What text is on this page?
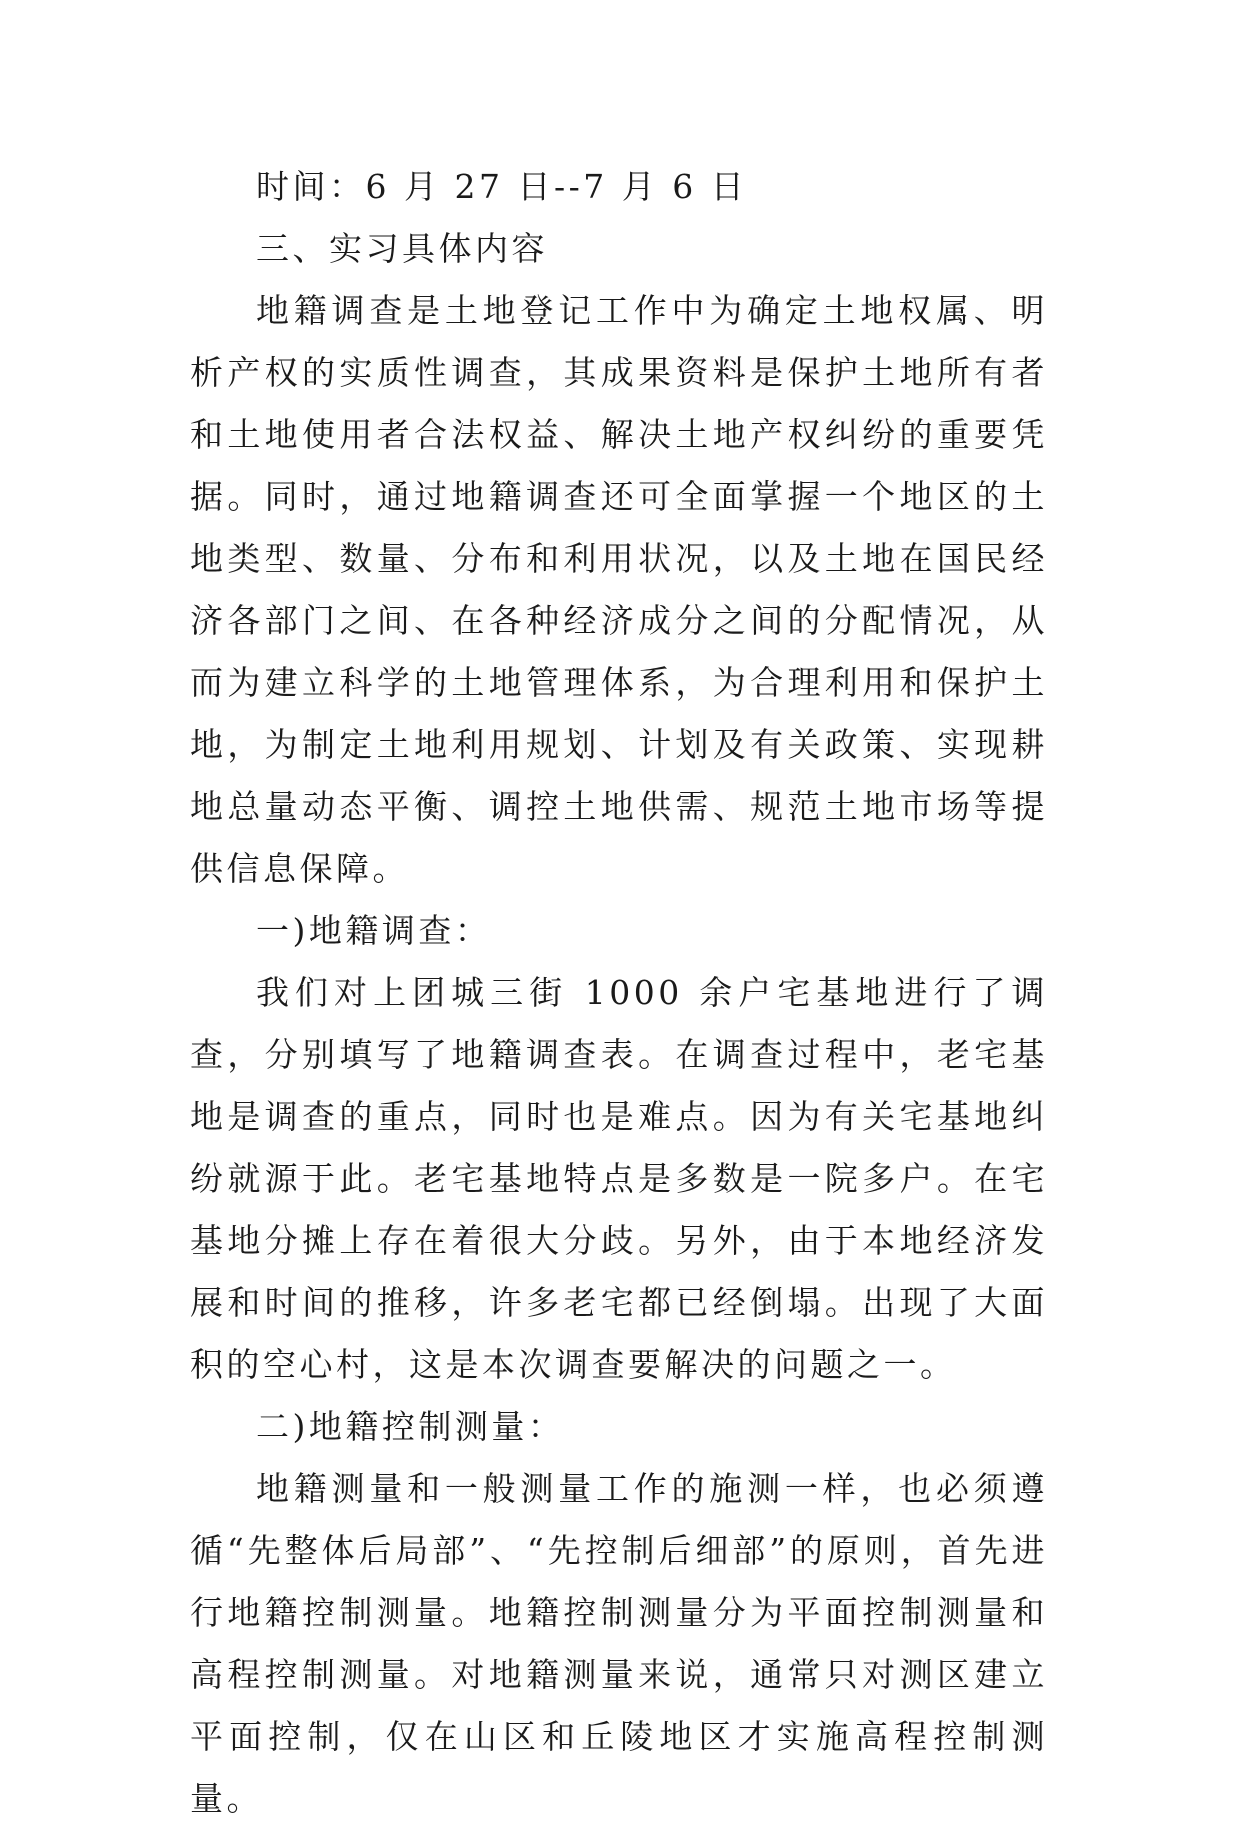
时间：6 月 27 日--7 月 6 日

三、实习具体内容

地籍调查是土地登记工作中为确定土地权属、明析产权的实质性调查，其成果资料是保护土地所有者和土地使用者合法权益、解决土地产权纠纷的重要凭据。同时，通过地籍调查还可全面掌握一个地区的土地类型、数量、分布和利用状况，以及土地在国民经济各部门之间、在各种经济成分之间的分配情况，从而为建立科学的土地管理体系，为合理利用和保护土地，为制定土地利用规划、计划及有关政策、实现耕地总量动态平衡、调控土地供需、规范土地市场等提供信息保障。

一)地籍调查：

我们对上团城三街 1000 余户宅基地进行了调查，分别填写了地籍调查表。在调查过程中，老宅基地是调查的重点，同时也是难点。因为有关宅基地纠纷就源于此。老宅基地特点是多数是一院多户。在宅基地分摊上存在着很大分歧。另外，由于本地经济发展和时间的推移，许多老宅都已经倒塌。出现了大面积的空心村，这是本次调查要解决的问题之一。

二)地籍控制测量：

地籍测量和一般测量工作的施测一样，也必须遵循“先整体后局部”、“先控制后细部”的原则，首先进行地籍控制测量。地籍控制测量分为平面控制测量和高程控制测量。对地籍测量来说，通常只对测区建立平面控制，仅在山区和丘陵地区才实施高程控制测量。
